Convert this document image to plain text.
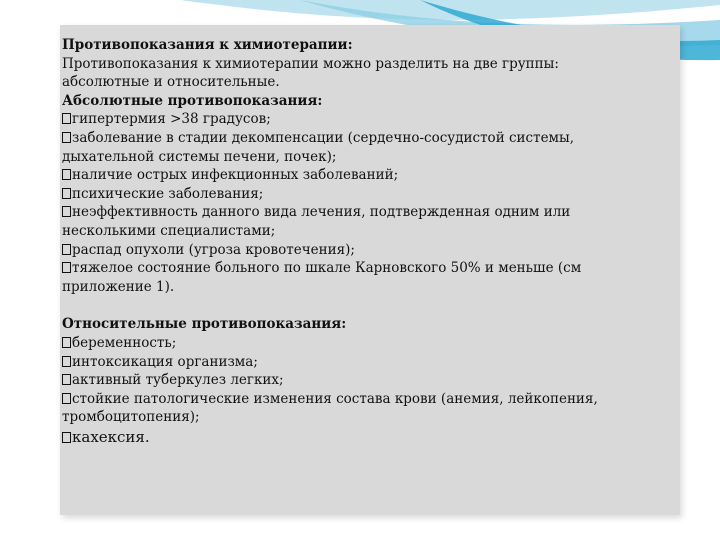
Противопоказания к химиотерапии:
Противопоказания к химиотерапии можно разделить на две группы:
абсолютные и относительные.
Абсолютные противопоказания:
гипертермия >38 градусов;
заболевание в стадии декомпенсации (сердечно-сосудистой системы,
дыхательной системы печени, почек);
наличие острых инфекционных заболеваний;
психические заболевания;
неэффективность данного вида лечения, подтвержденная одним или
несколькими специалистами;
распад опухоли (угроза кровотечения);
тяжелое состояние больного по шкале Карновского 50% и меньше (см
приложение 1).
Относительные противопоказания:
беременность;
интоксикация организма;
активный туберкулез легких;
стойкие патологические изменения состава крови (анемия, лейкопения,
тромбоцитопения);
кахексия.
